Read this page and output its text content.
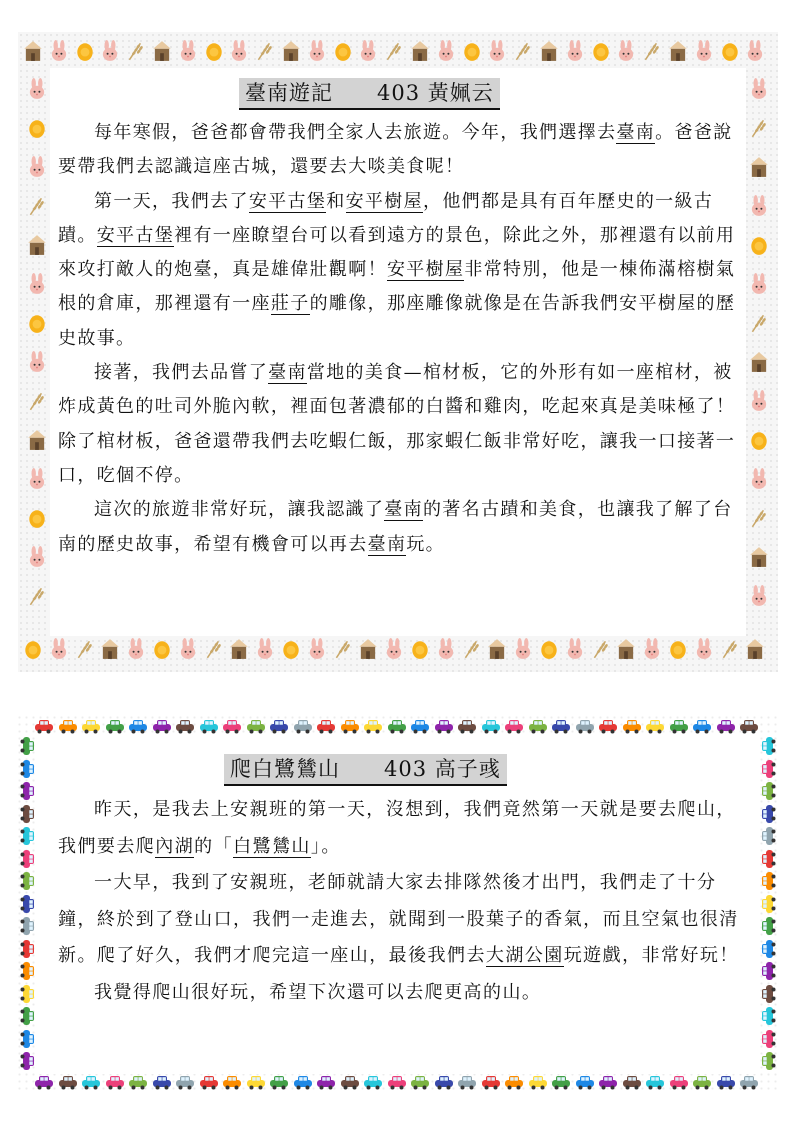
臺南遊記　　403 黃姵云

每年寒假，爸爸都會帶我們全家人去旅遊。今年，我們選擇去臺南。爸爸說要帶我們去認識這座古城，還要去大啖美食呢！

第一天，我們去了安平古堡和安平樹屋，他們都是具有百年歷史的一級古蹟。安平古堡裡有一座瞭望台可以看到遠方的景色，除此之外，那裡還有以前用來攻打敵人的炮臺，真是雄偉壯觀啊！安平樹屋非常特別，他是一棟佈滿榕樹氣根的倉庫，那裡還有一座莊子的雕像，那座雕像就像是在告訴我們安平樹屋的歷史故事。

接著，我們去品嘗了臺南當地的美食—棺材板，它的外形有如一座棺材，被炸成黃色的吐司外脆內軟，裡面包著濃郁的白醬和雞肉，吃起來真是美味極了！除了棺材板，爸爸還帶我們去吃蝦仁飯，那家蝦仁飯非常好吃，讓我一口接著一口，吃個不停。

這次的旅遊非常好玩，讓我認識了臺南的著名古蹟和美食，也讓我了解了台南的歷史故事，希望有機會可以再去臺南玩。

爬白鷺鷥山　　403 高子彧

昨天，是我去上安親班的第一天，沒想到，我們竟然第一天就是要去爬山，我們要去爬內湖的「白鷺鷥山」。

一大早，我到了安親班，老師就請大家去排隊然後才出門，我們走了十分鐘，終於到了登山口，我們一走進去，就聞到一股葉子的香氣，而且空氣也很清新。爬了好久，我們才爬完這一座山，最後我們去大湖公園玩遊戲，非常好玩！

我覺得爬山很好玩，希望下次還可以去爬更高的山。
